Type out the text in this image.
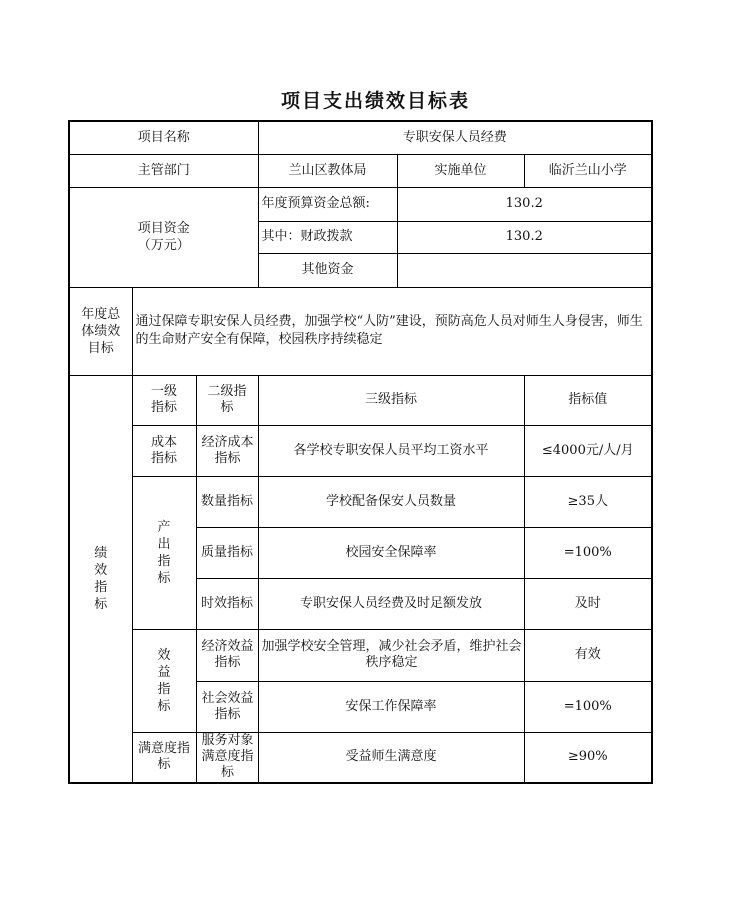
项目支出绩效目标表
项目名称			专职安保人员经费		
主管部门			兰山区教体局	实施单位	临沂兰山小学

项目资金（万元）			年度预算资金总额:	130.2	
			其中：财政拨款	130.2	
			其他资金		

年度总体绩效目标	通过保障专职安保人员经费，加强学校“人防”建设，预防高危人员对师生人身侵害，师生的生命财产安全有保障，校园秩序持续稳定				
绩效指标	一级指标	二级指标	三级指标		指标值

	成本指标	经济成本指标	各学校专职安保人员平均工资水平		≤4000元/人/月
	产出指标	数量指标	学校配备保安人员数量		≥35人
		质量指标	校园安全保障率		=100%
		时效指标	专职安保人员经费及时足额发放		及时
	效益指标	经济效益指标	加强学校安全管理，减少社会矛盾，维护社会秩序稳定		有效

		社会效益指标	安保工作保障率		=100%

	满意度指标	服务对象满意度指标	受益师生满意度		≥90%
